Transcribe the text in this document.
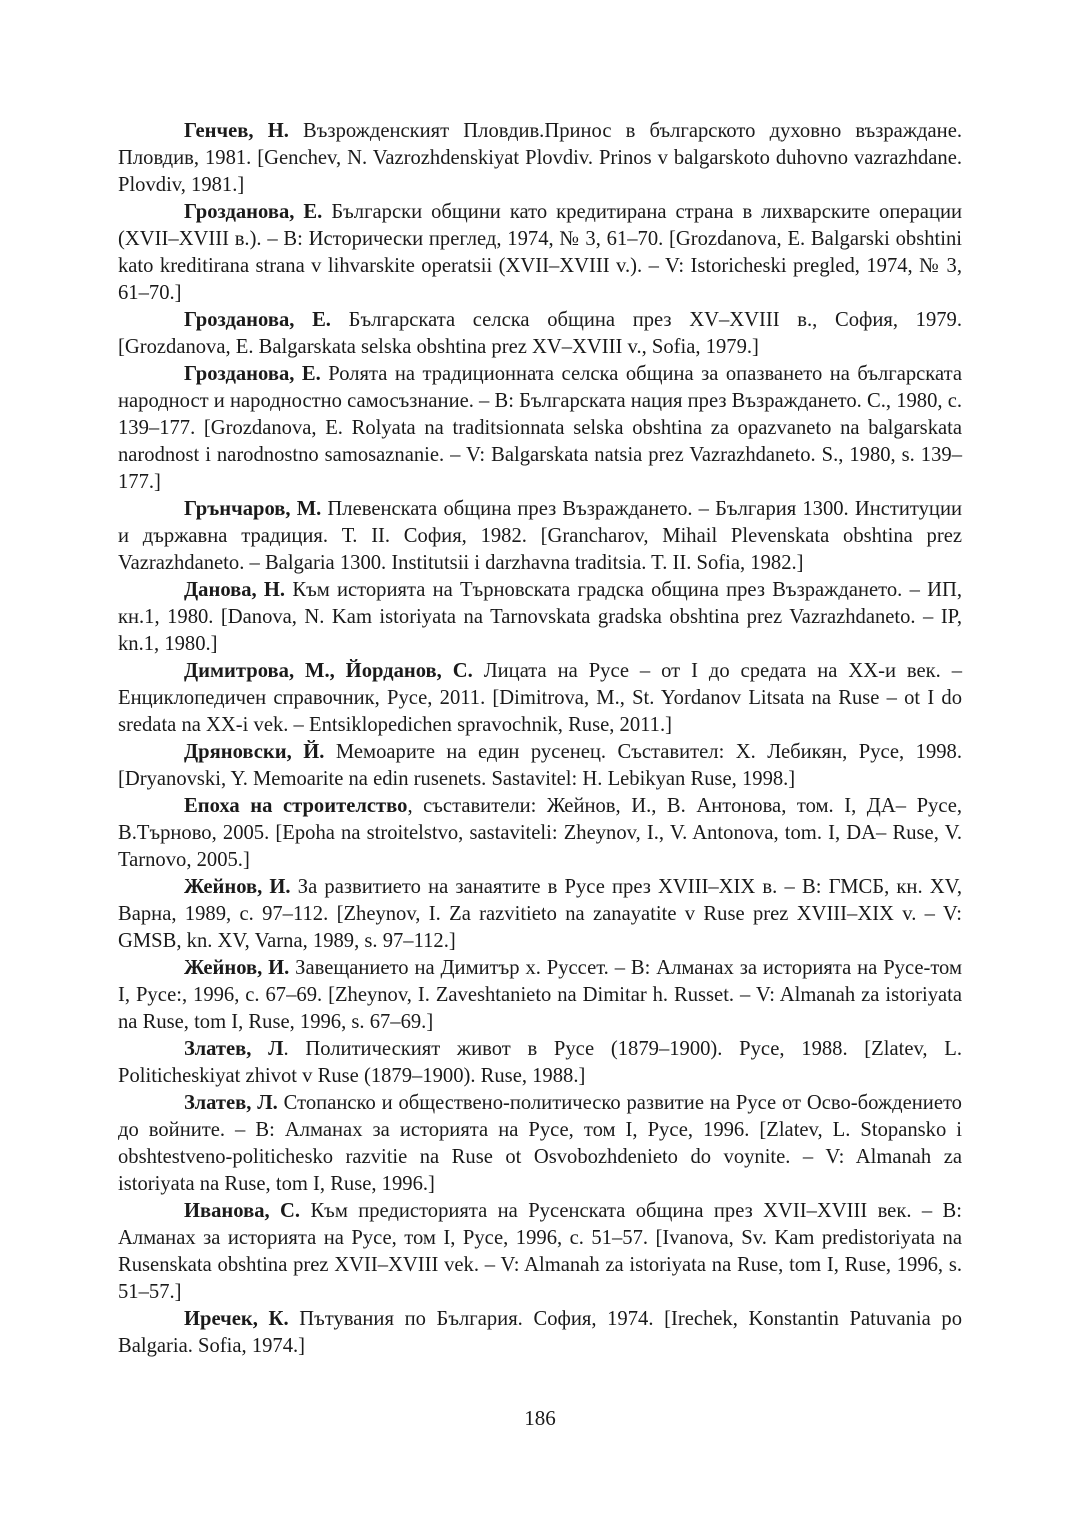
Генчев, Н. Възрожденският Пловдив.Принос в българското духовно възраждане. Пловдив, 1981. [Genchev, N. Vazrozhdenskiyat Plovdiv. Prinos v balgarskoto duhovno vazrazhdane. Plovdiv, 1981.]

Грозданова, Е. Български общини като кредитирана страна в лихварските операции (XVII–XVIII в.). – В: Исторически преглед, 1974, № 3, 61–70. [Grozdanova, E. Balgarski obshtini kato kreditirana strana v lihvarskite operatsii (XVII–XVIII v.). – V: Istoricheski pregled, 1974, № 3, 61–70.]

Грозданова, Е. Българската селска община през XV–XVIII в., София, 1979. [Grozdanova, E. Balgarskata selska obshtina prez XV–XVIII v., Sofia, 1979.]

Грозданова, Е. Ролята на традиционната селска община за опазването на българската народност и народностно самосъзнание. – В: Българската нация през Възраждането. С., 1980, с. 139–177. [Grozdanova, E. Rolyata na traditsionnata selska obshtina za opazvaneto na balgarskata narodnost i narodnostno samosaznanie. – V: Balgarskata natsia prez Vazrazhdaneto. S., 1980, s. 139–177.]

Грънчаров, М. Плевенската община през Възраждането. – България 1300. Институции и държавна традиция. Т. II. София, 1982. [Grancharov, Mihail Plevenskata obshtina prez Vazrazhdaneto. – Balgaria 1300. Institutsii i darzhavna traditsia. T. II. Sofia, 1982.]

Данова, Н. Към историята на Търновската градска община през Възраждането. – ИП, кн.1, 1980. [Danova, N. Kam istoriyata na Tarnovskata gradska obshtina prez Vazrazhdaneto. – IP, kn.1, 1980.]

Димитрова, М., Йорданов, С. Лицата на Русе – от I до средата на XX-и век. – Енциклопедичен справочник, Русе, 2011. [Dimitrova, M., St. Yordanov Litsata na Ruse – ot I do sredata na XX-i vek. – Entsiklopedichen spravochnik, Ruse, 2011.]

Дряновски, Й. Мемоарите на един русенец. Съставител: Х. Лебикян, Русе, 1998. [Dryanovski, Y. Memoarite na edin rusenets. Sastavitel: H. Lebikyan Ruse, 1998.]

Епоха на строителство, съставители: Жейнов, И., В. Антонова, том. I, ДА– Русе, В.Търново, 2005. [Epoha na stroitelstvo, sastaviteli: Zheynov, I., V. Antonova, tom. I, DA– Ruse, V. Tarnovo, 2005.]

Жейнов, И. За развитието на занаятите в Русе през XVIII–XIX в. – В: ГМСБ, кн. XV, Варна, 1989, с. 97–112. [Zheynov, I. Za razvitieto na zanayatite v Ruse prez XVIII–XIX v. – V: GMSB, kn. XV, Varna, 1989, s. 97–112.]

Жейнов, И. Завещанието на Димитър х. Руссет. – В: Алманах за историята на Русе-том I, Русе:, 1996, с. 67–69. [Zheynov, I. Zaveshtanieto na Dimitar h. Russet. – V: Almanah za istoriyata na Ruse, tom I, Ruse, 1996, s. 67–69.]

Златев, Л. Политическият живот в Русе (1879–1900). Русе, 1988. [Zlatev, L. Politicheskiyat zhivot v Ruse (1879–1900). Ruse, 1988.]

Златев, Л. Стопанско и обществено-политическо развитие на Русе от Осво-бождението до войните. – В: Алманах за историята на Русе, том I, Русе, 1996. [Zlatev, L. Stopansko i obshtestveno-politichesko razvitie na Ruse ot Osvobozhdenieto do voynite. – V: Almanah za istoriyata na Ruse, tom I, Ruse, 1996.]

Иванова, С. Към предисторията на Русенската община през XVII–XVIII век. – В: Алманах за историята на Русе, том I, Русе, 1996, с. 51–57. [Ivanova, Sv. Kam predistoriyata na Rusenskata obshtina prez XVII–XVIII vek. – V: Almanah za istoriyata na Ruse, tom I, Ruse, 1996, s. 51–57.]

Иречек, К. Пътувания по България. София, 1974. [Irechek, Konstantin Patuvania po Balgaria. Sofia, 1974.]

186
